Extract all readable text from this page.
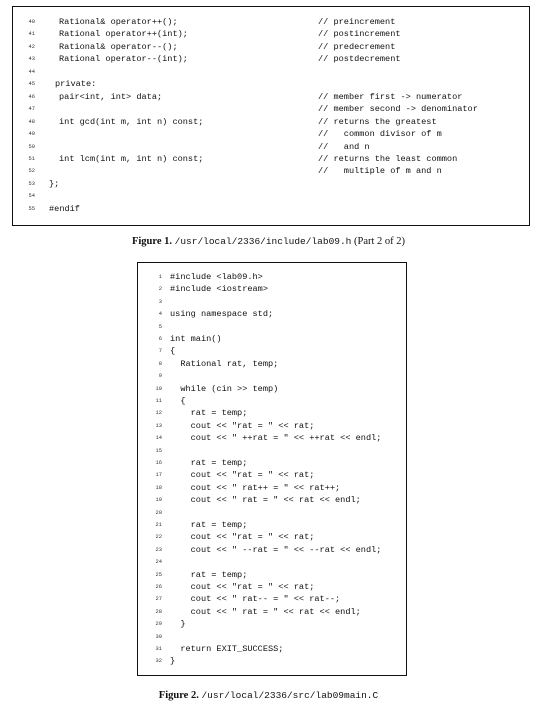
40	Rational& operator++();	// preincrement
41	Rational operator++(int);	// postincrement
42	Rational& operator--();	// predecrement
43	Rational operator--(int);	// postdecrement
44
45 private:
46	pair<int, int> data;	// member first -> numerator
47	// member second -> denominator
48	int gcd(int m, int n) const;	// returns the greatest
49	//   common divisor of m
50	//   and n
51	int lcm(int m, int n) const;	// returns the least common
52	//   multiple of m and n
53 };
54
55 #endif
Figure 1. /usr/local/2336/include/lab09.h (Part 2 of 2)
1 #include <lab09.h>
2 #include <iostream>
3
4 using namespace std;
5
6 int main()
7 {
8 Rational rat, temp;
9
10 while (cin >> temp)
11 {
12 rat = temp;
13 cout << "rat = " << rat;
14 cout << " ++rat = " << ++rat << endl;
15
16 rat = temp;
17 cout << "rat = " << rat;
18 cout << " rat++ = " << rat++;
19 cout << " rat = " << rat << endl;
20
21 rat = temp;
22 cout << "rat = " << rat;
23 cout << " --rat = " << --rat << endl;
24
25 rat = temp;
26 cout << "rat = " << rat;
27 cout << " rat-- = " << rat--;
28 cout << " rat = " << rat << endl;
29 }
30
31 return EXIT_SUCCESS;
32 }
Figure 2. /usr/local/2336/src/lab09main.C
